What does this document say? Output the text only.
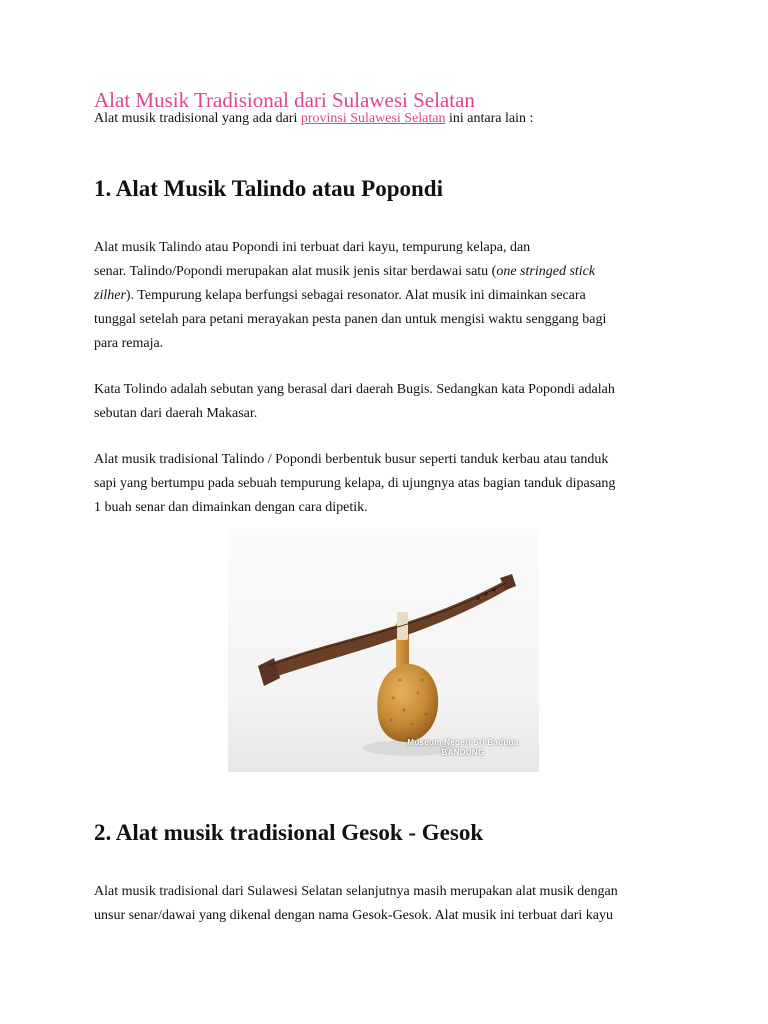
Alat Musik Tradisional dari Sulawesi Selatan

Alat musik tradisional yang ada dari provinsi Sulawesi Selatan ini antara lain :

1. Alat Musik Talindo atau Popondi
Alat musik Talindo atau Popondi ini terbuat dari kayu, tempurung kelapa, dan
senar. Talindo/Popondi merupakan alat musik jenis sitar berdawai satu (one stringed stick
zilher). Tempurung kelapa berfungsi sebagai resonator. Alat musik ini dimainkan secara
tunggal setelah para petani merayakan pesta panen dan untuk mengisi waktu senggang bagi
para remaja.
Kata Tolindo adalah sebutan yang berasal dari daerah Bugis. Sedangkan kata Popondi adalah
sebutan dari daerah Makasar.
Alat musik tradisional Talindo / Popondi berbentuk busur seperti tanduk kerbau atau tanduk
sapi yang bertumpu pada sebuah tempurung kelapa, di ujungnya atas bagian tanduk dipasang
1 buah senar dan dimainkan dengan cara dipetik.
Museum Negeri Sri Baduga
BANDUNG
2. Alat musik tradisional Gesok - Gesok
Alat musik tradisional dari Sulawesi Selatan selanjutnya masih merupakan alat musik dengan
unsur senar/dawai yang dikenal dengan nama Gesok-Gesok. Alat musik ini terbuat dari kayu
